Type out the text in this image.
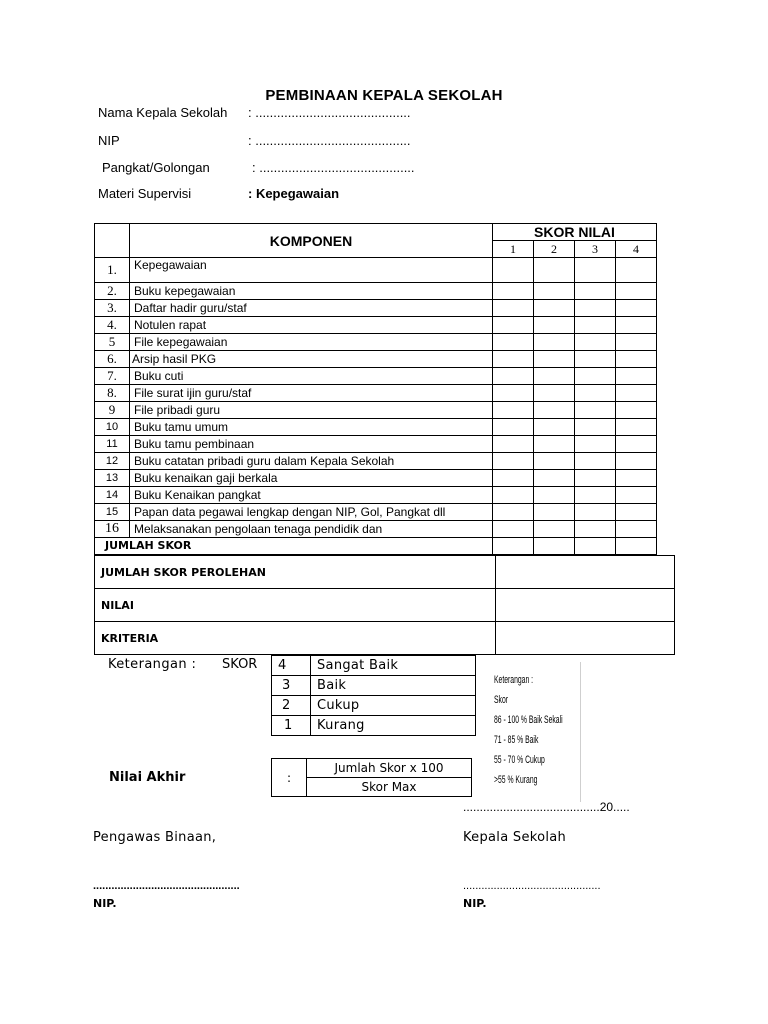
PEMBINAAN KEPALA SEKOLAH
Nama Kepala Sekolah : ...........................................
NIP	: ...........................................
Pangkat/Golongan	: ...........................................
Materi Supervisi	: Kepegawaian
	KOMPONEN	SKOR NILAI			
		1	2	3	4
1.	Kepegawaian				
2.	Buku kepegawaian				
3.	Daftar hadir guru/staf				
4.	Notulen rapat				
5	File kepegawaian				
6.	Arsip hasil PKG				
7.	Buku cuti				
8.	File surat ijin guru/staf				
9	File pribadi guru				
10	Buku tamu umum				
11	Buku tamu pembinaan				
12	Buku catatan pribadi guru dalam Kepala Sekolah				
13	Buku kenaikan gaji berkala				
14	Buku Kenaikan pangkat				
15	Papan data pegawai lengkap dengan NIP, Gol, Pangkat dll				
16	Melaksanakan pengolaan tenaga pendidik dan				
JUMLAH SKOR					
JUMLAH SKOR PEROLEHAN	
NILAI	
KRITERIA	
Keterangan : SKOR 4	Sangat Baik
3	Baik
2	Cukup
1	Kurang
Keterangan :
Skor
86 - 100 % Baik Sekali
71 - 85 % Baik
55 - 70 % Cukup
>55 % Kurang
Nilai Akhir	:	Jumlah Skor x 100
Skor Max
.........................................20.....
Pengawas Binaan,	Kepala Sekolah
................................................	.............................................
NIP.	NIP.
